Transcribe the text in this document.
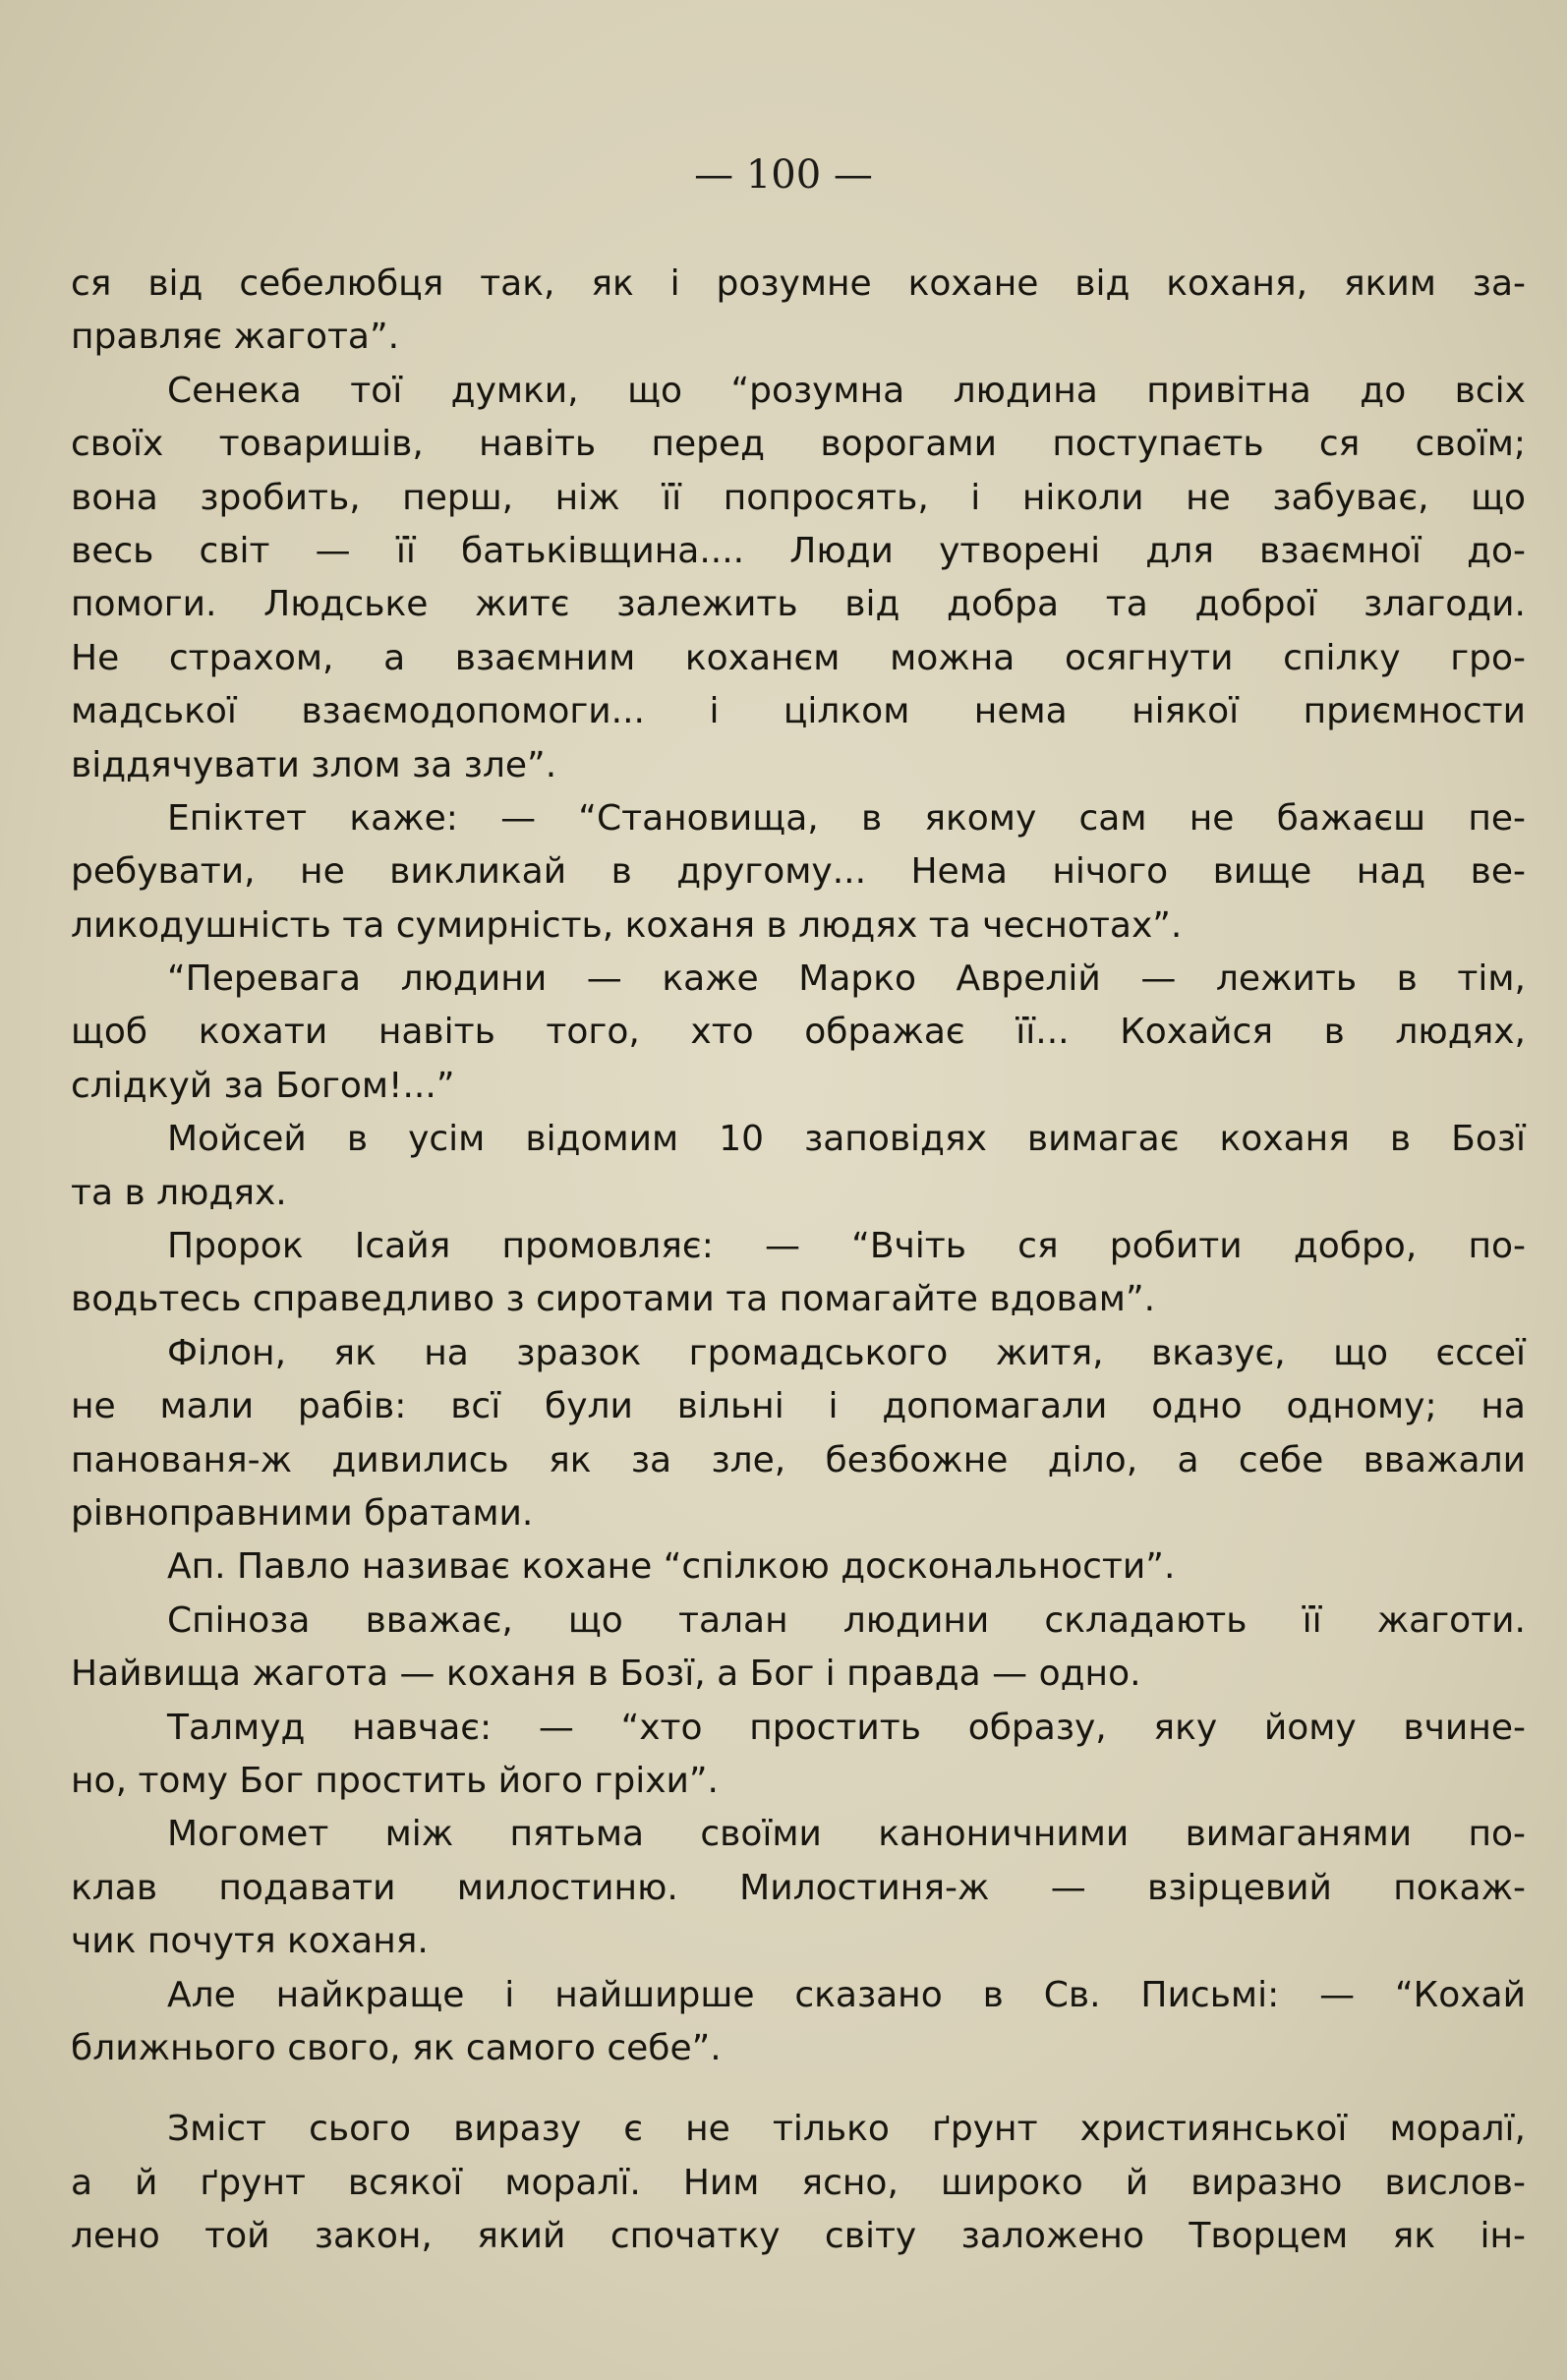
— 100 —
ся від себелюбця так, як і розумне кохане від коханя, яким за-
правляє жагота”.
Сенека тої думки, що “розумна людина привітна до всіх
своїх товаришів, навіть перед ворогами поступаєть ся своїм;
вона зробить, перш, ніж її попросять, і ніколи не забуває, що
весь світ — її батьківщина.... Люди утворені для взаємної до-
помоги. Людське житє залежить від добра та доброї злагоди.
Не страхом, а взаємним коханєм можна осягнути спілку гро-
мадської взаємодопомоги... і цілком нема ніякої приємности
віддячувати злом за зле”.
Епіктет каже: — “Становища, в якому сам не бажаєш пе-
ребувати, не викликай в другому... Нема нічого вище над ве-
ликодушність та сумирність, коханя в людях та чеснотах”.
“Перевага людини — каже Марко Аврелій — лежить в тім,
щоб кохати навіть того, хто ображає її... Кохайся в людях,
слідкуй за Богом!...”
Мойсей в усім відомим 10 заповідях вимагає коханя в Бозї
та в людях.
Пророк Ісайя промовляє: — “Вчіть ся робити добро, по-
водьтесь справедливо з сиротами та помагайте вдовам”.
Філон, як на зразок громадського житя, вказує, що єссеї
не мали рабів: всї були вільні і допомагали одно одному; на
панованя-ж дивились як за зле, безбожне діло, а себе вважали
рівноправними братами.
Ап. Павло називає кохане “спілкою доскональности”.
Спіноза вважає, що талан людини складають її жаготи.
Найвища жагота — коханя в Бозї, а Бог і правда — одно.
Талмуд навчає: — “хто простить образу, яку йому вчине-
но, тому Бог простить його гріхи”.
Могомет між пятьма своїми каноничними вимаганями по-
клав подавати милостиню. Милостиня-ж — взірцевий покаж-
чик почутя коханя.
Але найкраще і найширше сказано в Св. Письмі: — “Кохай
ближнього свого, як самого себе”.
Зміст сього виразу є не тілько ґрунт християнської моралї,
а й ґрунт всякої моралї. Ним ясно, широко й виразно вислов-
лено той закон, який спочатку світу заложено Творцем як ін-
